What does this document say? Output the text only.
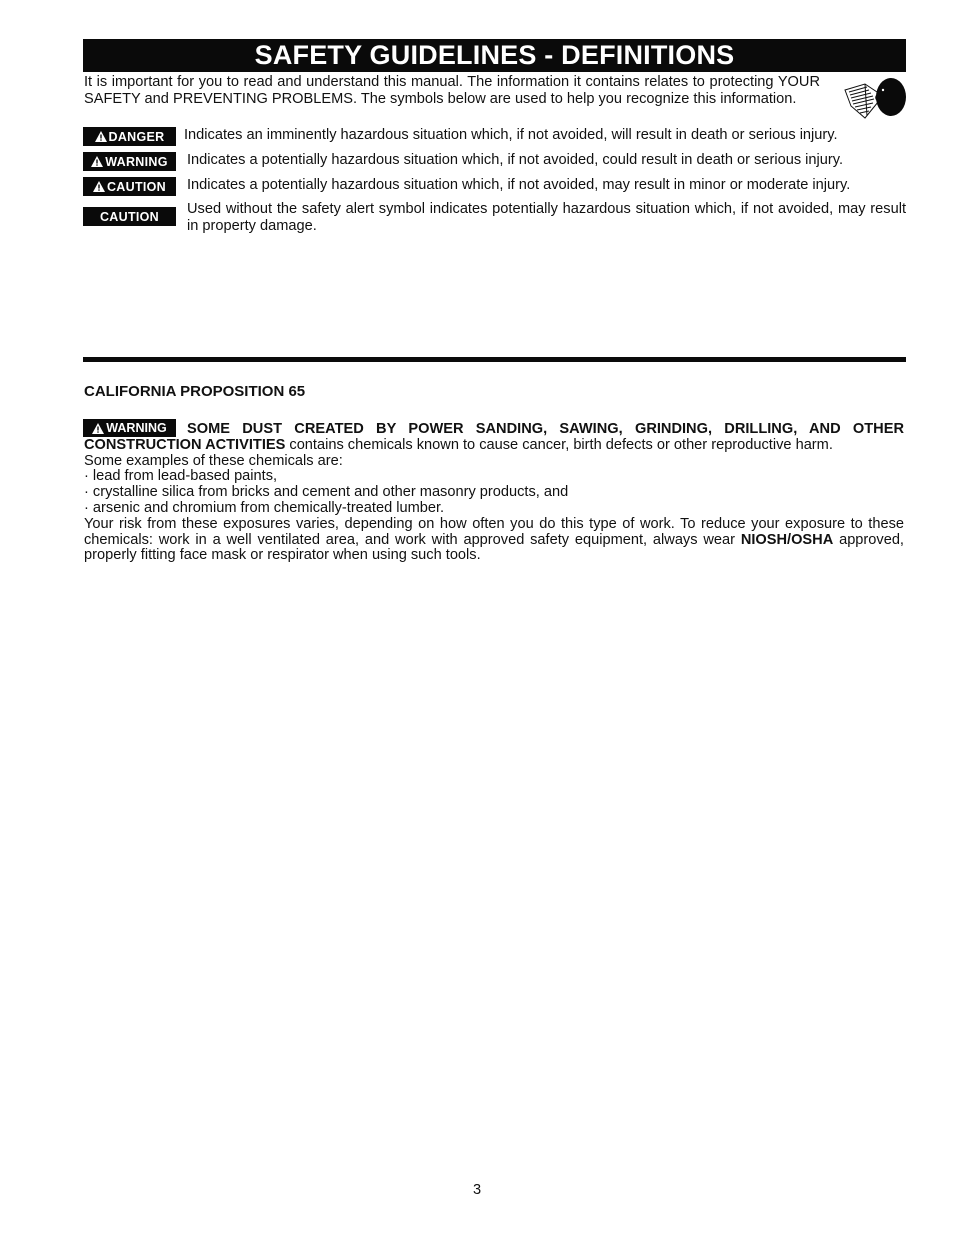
SAFETY GUIDELINES - DEFINITIONS

It is important for you to read and understand this manual. The information it contains relates to protecting YOUR SAFETY and PREVENTING PROBLEMS. The symbols below are used to help you recognize this information.

DANGER Indicates an imminently hazardous situation which, if not avoided, will result in death or serious injury.
WARNING Indicates a potentially hazardous situation which, if not avoided, could result in death or serious injury.
CAUTION Indicates a potentially hazardous situation which, if not avoided, may result in minor or moderate injury.
CAUTION Used without the safety alert symbol indicates potentially hazardous situation which, if not avoided, may result in property damage.
CALIFORNIA PROPOSITION 65
WARNING	SOME DUST CREATED BY POWER SANDING, SAWING, GRINDING, DRILLING, AND OTHER CONSTRUCTION ACTIVITIES contains chemicals known to cause cancer, birth defects or other reproductive harm.

Some examples of these chemicals are:

· lead from lead-based paints,
· crystalline silica from bricks and cement and other masonry products, and
· arsenic and chromium from chemically-treated lumber.

Your risk from these exposures varies, depending on how often you do this type of work. To reduce your exposure to these chemicals: work in a well ventilated area, and work with approved safety equipment, always wear NIOSH/OSHA approved, properly fitting face mask or respirator when using such tools.

3
